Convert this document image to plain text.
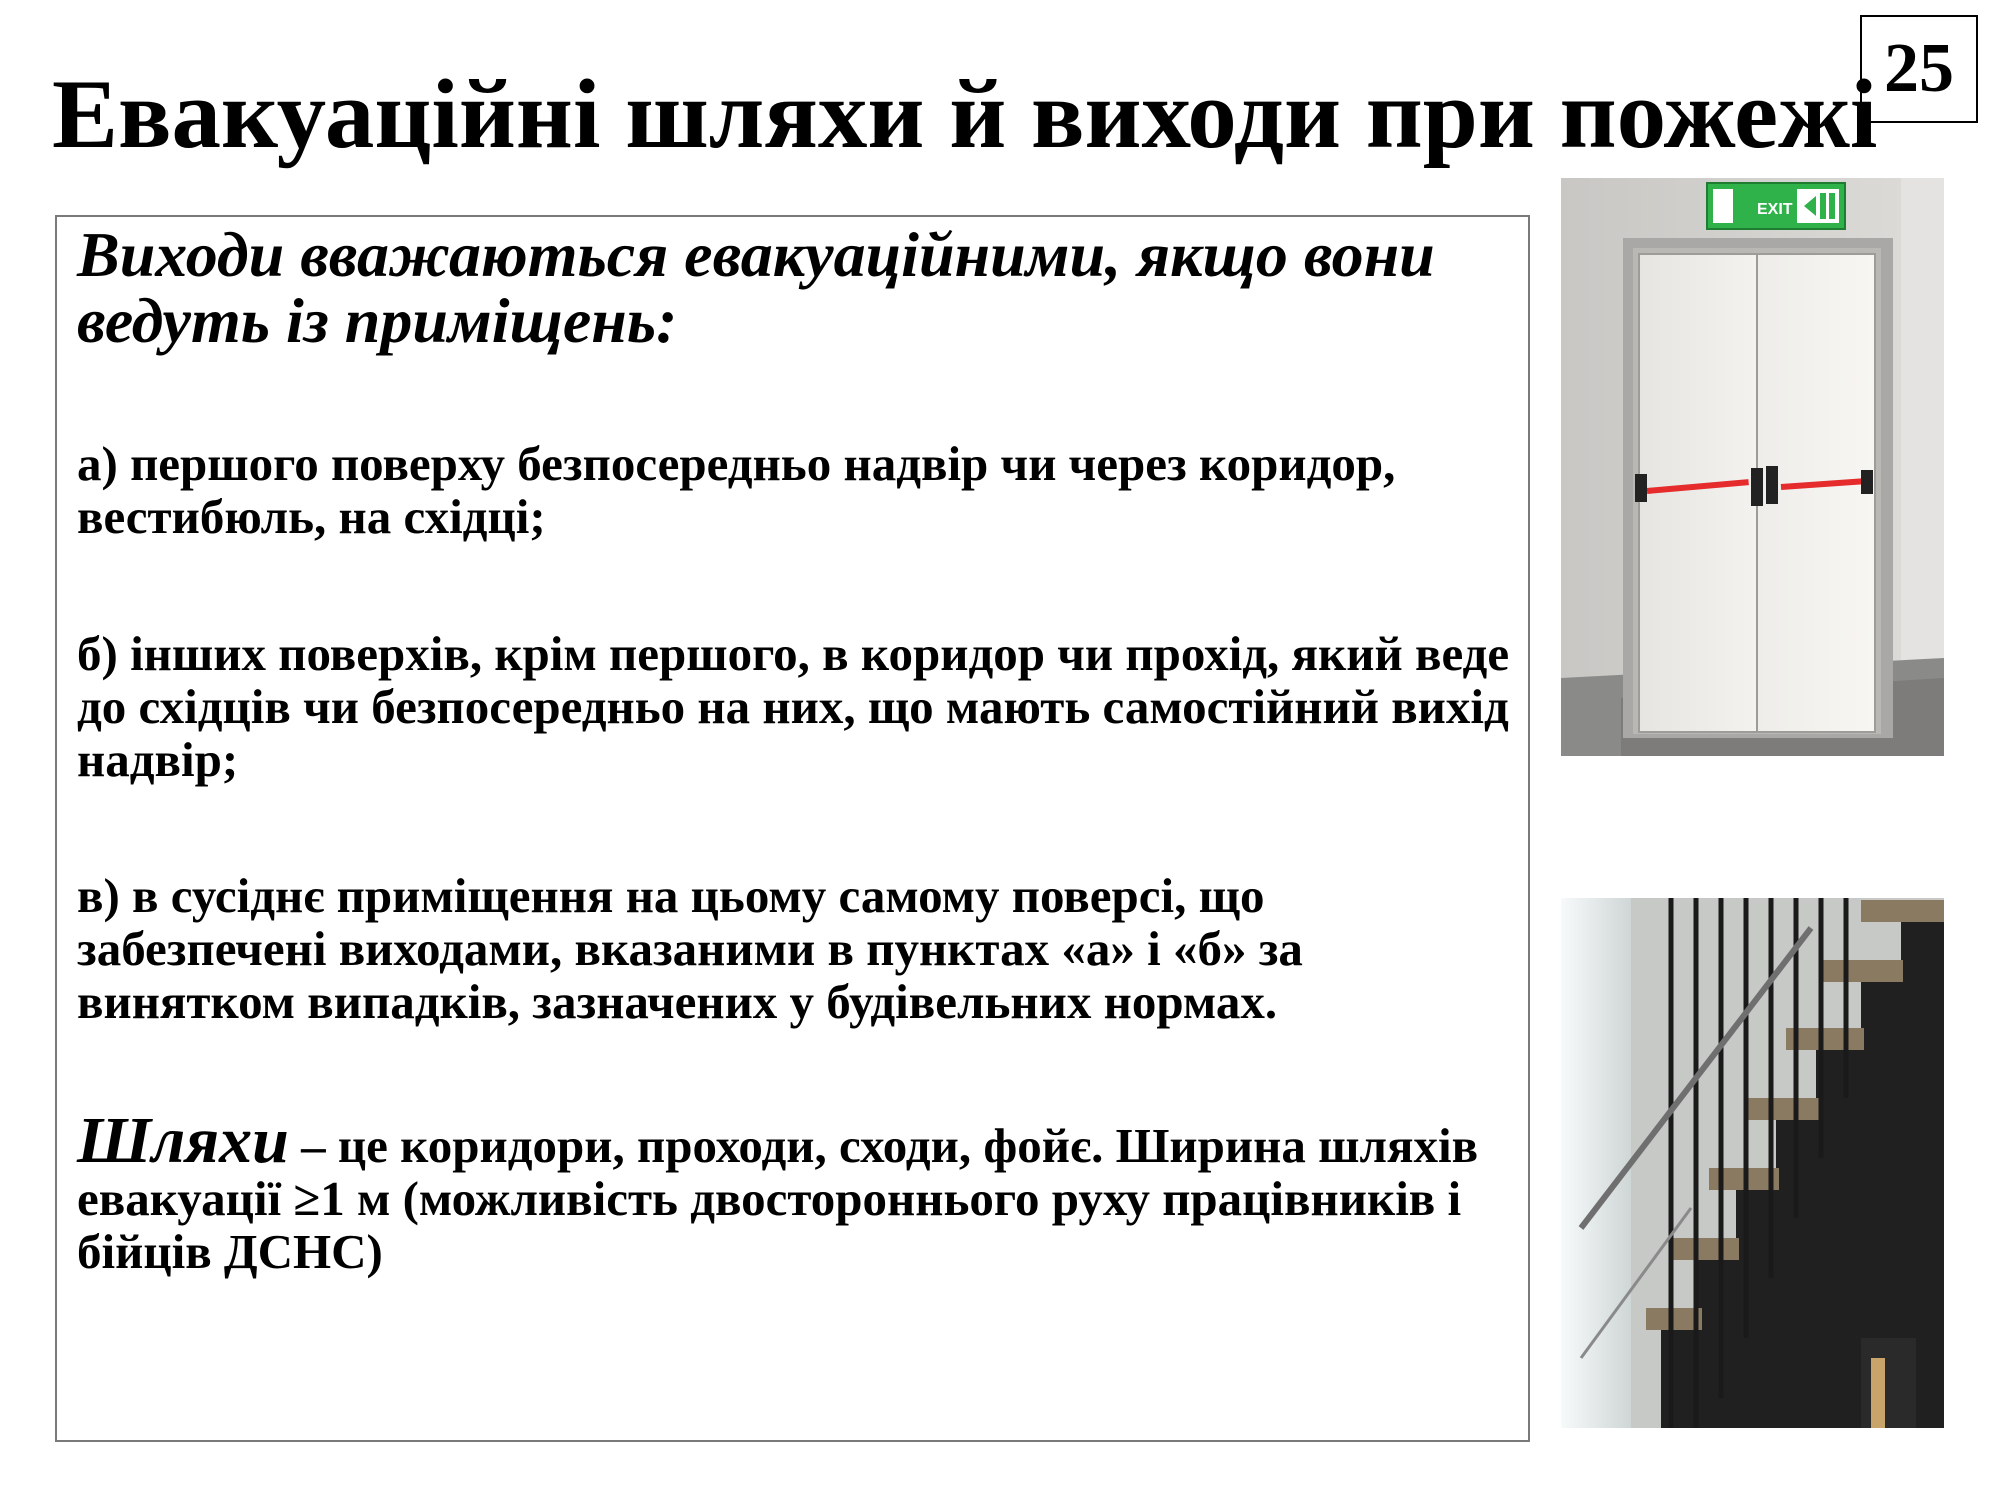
Евакуаційні шляхи й виходи при пожежі 25
Виходи вважаються евакуаційними, якщо вони ведуть із приміщень:
а) першого поверху безпосередньо надвір чи через коридор, вестибюль, на східці;
б) інших поверхів, крім першого, в коридор чи прохід, який веде до східців чи безпосередньо на них, що мають самостійний вихід надвір;
в) в сусіднє приміщення на цьому самому поверсі, що забезпечені виходами, вказаними в пунктах «а» і «б» за винятком випадків, зазначених у будівельних нормах.
Шляхи – це коридори, проходи, сходи, фойє. Ширина шляхів евакуації ≥1 м (можливість двостороннього руху працівників і бійців ДСНС)
EXIT
